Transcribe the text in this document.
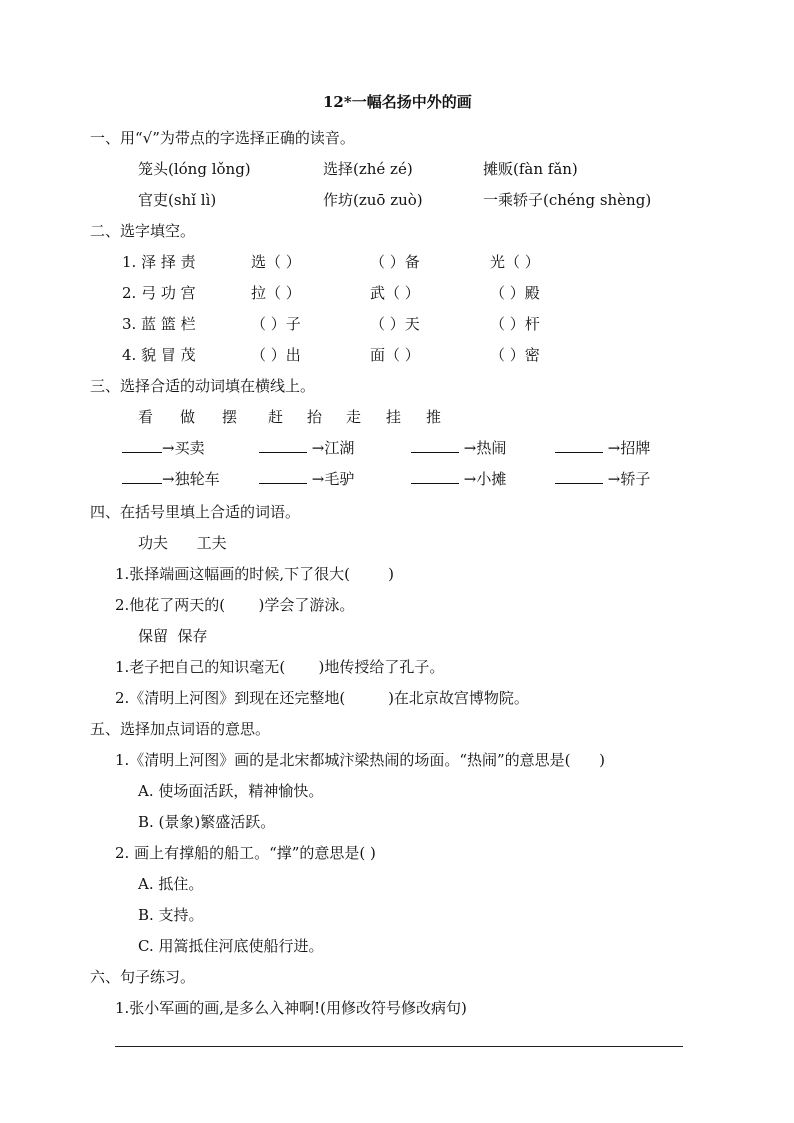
12*一幅名扬中外的画
一、用“√”为带点的字选择正确的读音。
笼头(lóng lǒng)	选择(zhé zé)	摊贩(fàn fǎn)
官吏(shǐ lì)	作坊(zuō zuò)	一乘轿子(chéng shèng)
二、选字填空。
1. 泽 择 责	选（ ）	（ ）备	光（ ）
2. 弓 功 宫	拉（ ）	武（ ）	（ ）殿
3. 蓝 篮 栏	（ ）子	（ ）天	（ ）杆
4. 貌 冒 茂	（ ）出	面（ ）	（ ）密
三、选择合适的动词填在横线上。
看 做 摆 赶 抬 走 挂 推
→买卖	→江湖	→热闹	→招牌
→独轮车	→毛驴	→小摊	→轿子
四、在括号里填上合适的词语。
功夫      工夫
1.张择端画这幅画的时候,下了很大(        )
2.他花了两天的(       )学会了游泳。
保留  保存
1.老子把自己的知识毫无(       )地传授给了孔子。
2.《清明上河图》到现在还完整地(         )在北京故宫博物院。
五、选择加点词语的意思。
1.《清明上河图》画的是北宋都城汴梁热闹的场面。“热闹”的意思是(      )
A. 使场面活跃，精神愉快。
B. (景象)繁盛活跃。
2. 画上有撑船的船工。“撑”的意思是( )
A. 抵住。
B. 支持。
C. 用篙抵住河底使船行进。
六、句子练习。
1.张小军画的画,是多么入神啊!(用修改符号修改病句)
